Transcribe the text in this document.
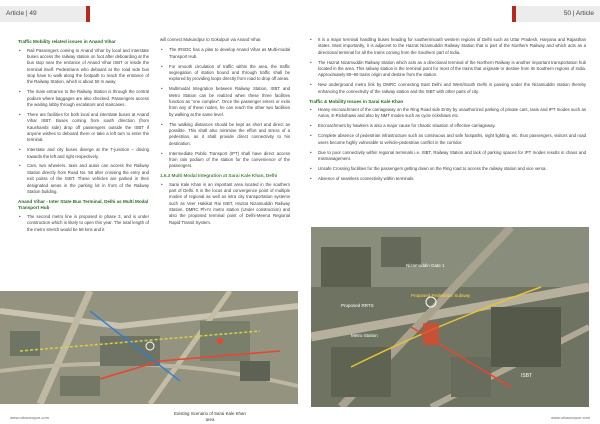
Article | 49	50 | Article
Traffic Mobility related issues in Anand Vihar
• Rail Passengers coming to Anand Vihar by local and interstate buses access the railway station on foot after deboarding at the bus stop near the entrance of Anand Vihar ISBT or inside the terminal itself. Pedestrians who deboard at the road side bus stop have to walk along the footpath to reach the entrance of the Railway Station, which is about 50 m away.
• The main entrance to the Railway Station is through the central podium where baggages are also checked. Passengers access the waiting lobby through escalators and staircases.
• There are facilities for both local and interstate buses at Anand Vihar ISBT. Buses coming from south direction (from Kaushambi side) drop off passengers outside the ISBT if anyone wishes to deboard there or take a left turn to enter the terminal.
• Interstate and city buses diverge at the T-junction – driving towards the left and right respectively.
• Cars, two wheelers, taxis and autos can access the Railway Station directly from Road No. 56 after crossing the entry and exit points of the ISBT. These vehicles are parked in their designated areas in the parking lot in front of the Railway Station building.
Anand Vihar - Inter State Bus Terminal, Delhi as Multi Modal Transport Hub
• The second metro line is proposed in phase 3, and is under construction which is likely to open this year. The total length of the metro stretch would be 58 kms and it

will connect Mukundpur to Gokulpuri via Anand Vihar.

• The IRSDC has a plan to develop Anand Vihar as Multi-modal Transport Hub.
• For smooth circulation of traffic within the area, the traffic segregation of station bound and through traffic shall be explored by providing loops directly from road to drop off areas.
• Multimodal Integration between Railway Station, ISBT and Metro Station can be realized when these three facilities function as "one complex". Once the passenger enters or exits from any of these nodes, he can reach the other two facilities by walking at the same level.
• The walking distances should be kept as short and direct as possible. This shall also minimise the effort and stress of a pedestrian, as it shall provide direct connectivity to his destination.
• Intermediate Public Transport (IPT) shall have direct access from rain podium of the station for the convenience of the passengers.
1.6.3 Multi Modal Integration at Sarai Kale Khan, Delhi
• Sarai Kale Khan is an important area located in the southern part of Delhi. It is the locus and convergence point of multiple modes of regional as well as intra city transportation systems such as Veer Hakikat Rai ISBT, Hazrat Nizamuddin Railway Station, DMRC Ph-IV metro station (Under construction) and also the proposed terminal point of Delhi-Meerut Regional Rapid Transit System.
• It is a major terminal handling buses heading for southern/south western regions of Delhi such as Uttar Pradesh, Haryana and Rajasthan states. Most importantly, it is adjacent to the Hazrat Nizamuddin Railway Station that is part of the Northern Railway and which acts as a directional terminal for all the trains coming from the Southern part of India.
• The Hazrat Nizamuddin Railway Station which acts as a directional terminal of the Northern Railway is another important transportation hub located in the area. This railway station is the terminal point for most of the trains that originate or destine from its Southern regions of India. Approximately 80–90 trains origin and destine from the station.
• New underground metro link by DMRC connecting East Delhi and West/South Delhi is passing under the Nizamuddin station thereby enhancing the connectivity of the railway station and the ISBT with other parts of city.
Traffic & Mobility Issues in Sarai Kale Khan
• Heavy encroachment of the carriageway on the Ring Road side Entry by unauthorized parking of private cars, taxis and IPT modes such as Autos, E-Rickshaws and also by NMT modes such as cycle rickshaws etc.
• Encroachment by hawkers is also a major cause for chaotic situation of effective carriageway.
• Complete absence of pedestrian infrastructure such as continuous and safe footpaths, night lighting, etc. thus passengers, visitors and road users become highly vulnerable to vehicle-pedestrian conflict in the corridor.
• Due to poor connectivity within regional terminals i.e. ISBT, Railway Station and lack of parking spaces for IPT modes results in chaos and mismanagement.
• Unsafe Crossing facilities for the passengers getting down on the Ring road to access the railway station and vice versa.
• Absence of seamless connectivity within terminals.
Existing Scenario of Sarai Kale Khan area
Nizamuddin Gate 1
Proposed Pedestrian Subway
Proposed RRTS
ISBT
Metro Station
www.urbanvoyce.com	www.urbanvoyce.com
